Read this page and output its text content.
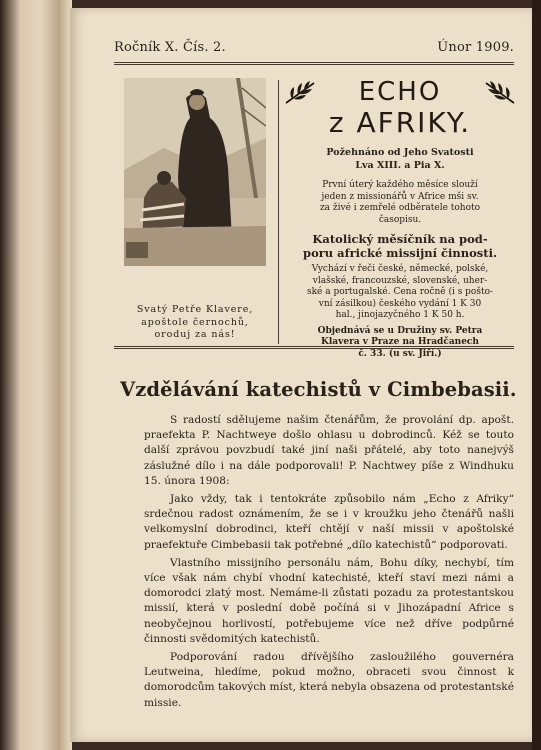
Ročník X. Čís. 2.	Únor 1909.
Svatý Petře Klavere,
apoštole černochů,
oroduj za nás!
ECHO
z AFRIKY.
Požehnáno od Jeho Svatosti
Lva XIII. a Pia X.
První úterý každého měsíce slouží
jeden z missionářů v Africe mši sv.
za živé i zemřelé odběratele tohoto
časopisu.
Katolický měsíčník na pod-
poru africké missijní činnosti.
Vychází v řeči české, německé, polské,
vlašské, francouzské, slovenské, uher-
ské a portugalské. Cena ročně (i s pošto-
vní zásilkou) českého vydání 1 K 30
hal., jinojazyčného 1 K 50 h.
Objednává se u Družiny sv. Petra
Klavera v Praze na Hradčanech
č. 33. (u sv. Jiří.)
Vzdělávání katechistů v Cimbebasii.

S radostí sdělujeme našim čtenářům, že provolání dp. apošt. praefekta P. Nachtweye došlo ohlasu u dobrodinců. Kéž se touto další zprávou povzbudí také jiní naši přátelé, aby toto nanejvýš záslužné dílo i na dále podporovali! P. Nachtwey píše z Windhuku 15. února 1908:

Jako vždy, tak i tentokráte způsobilo nám „Echo z Afriky“ srdečnou radost oznámením, že se i v kroužku jeho čtenářů našli velkomyslní dobrodinci, kteří chtějí v naší missii v apoštolské praefektuře Cimbebasii tak potřebné „dílo katechistů“ podporovati.

Vlastního missijního personálu nám, Bohu díky, nechybí, tím více však nám chybí vhodní katechisté, kteří staví mezi námi a domorodci zlatý most. Nemáme-li zůstati pozadu za protestantskou missií, která v poslední době počíná si v Jihozápadní Africe s neobyčejnou horlivostí, potřebujeme více než dříve podpůrné činnosti svědomitých katechistů.

Podporování radou dřívějšího zasloužilého gouvernéra Leutweina, hledíme, pokud možno, obraceti svou činnost k domorodcům takových míst, která nebyla obsazena od protestantské missie.
